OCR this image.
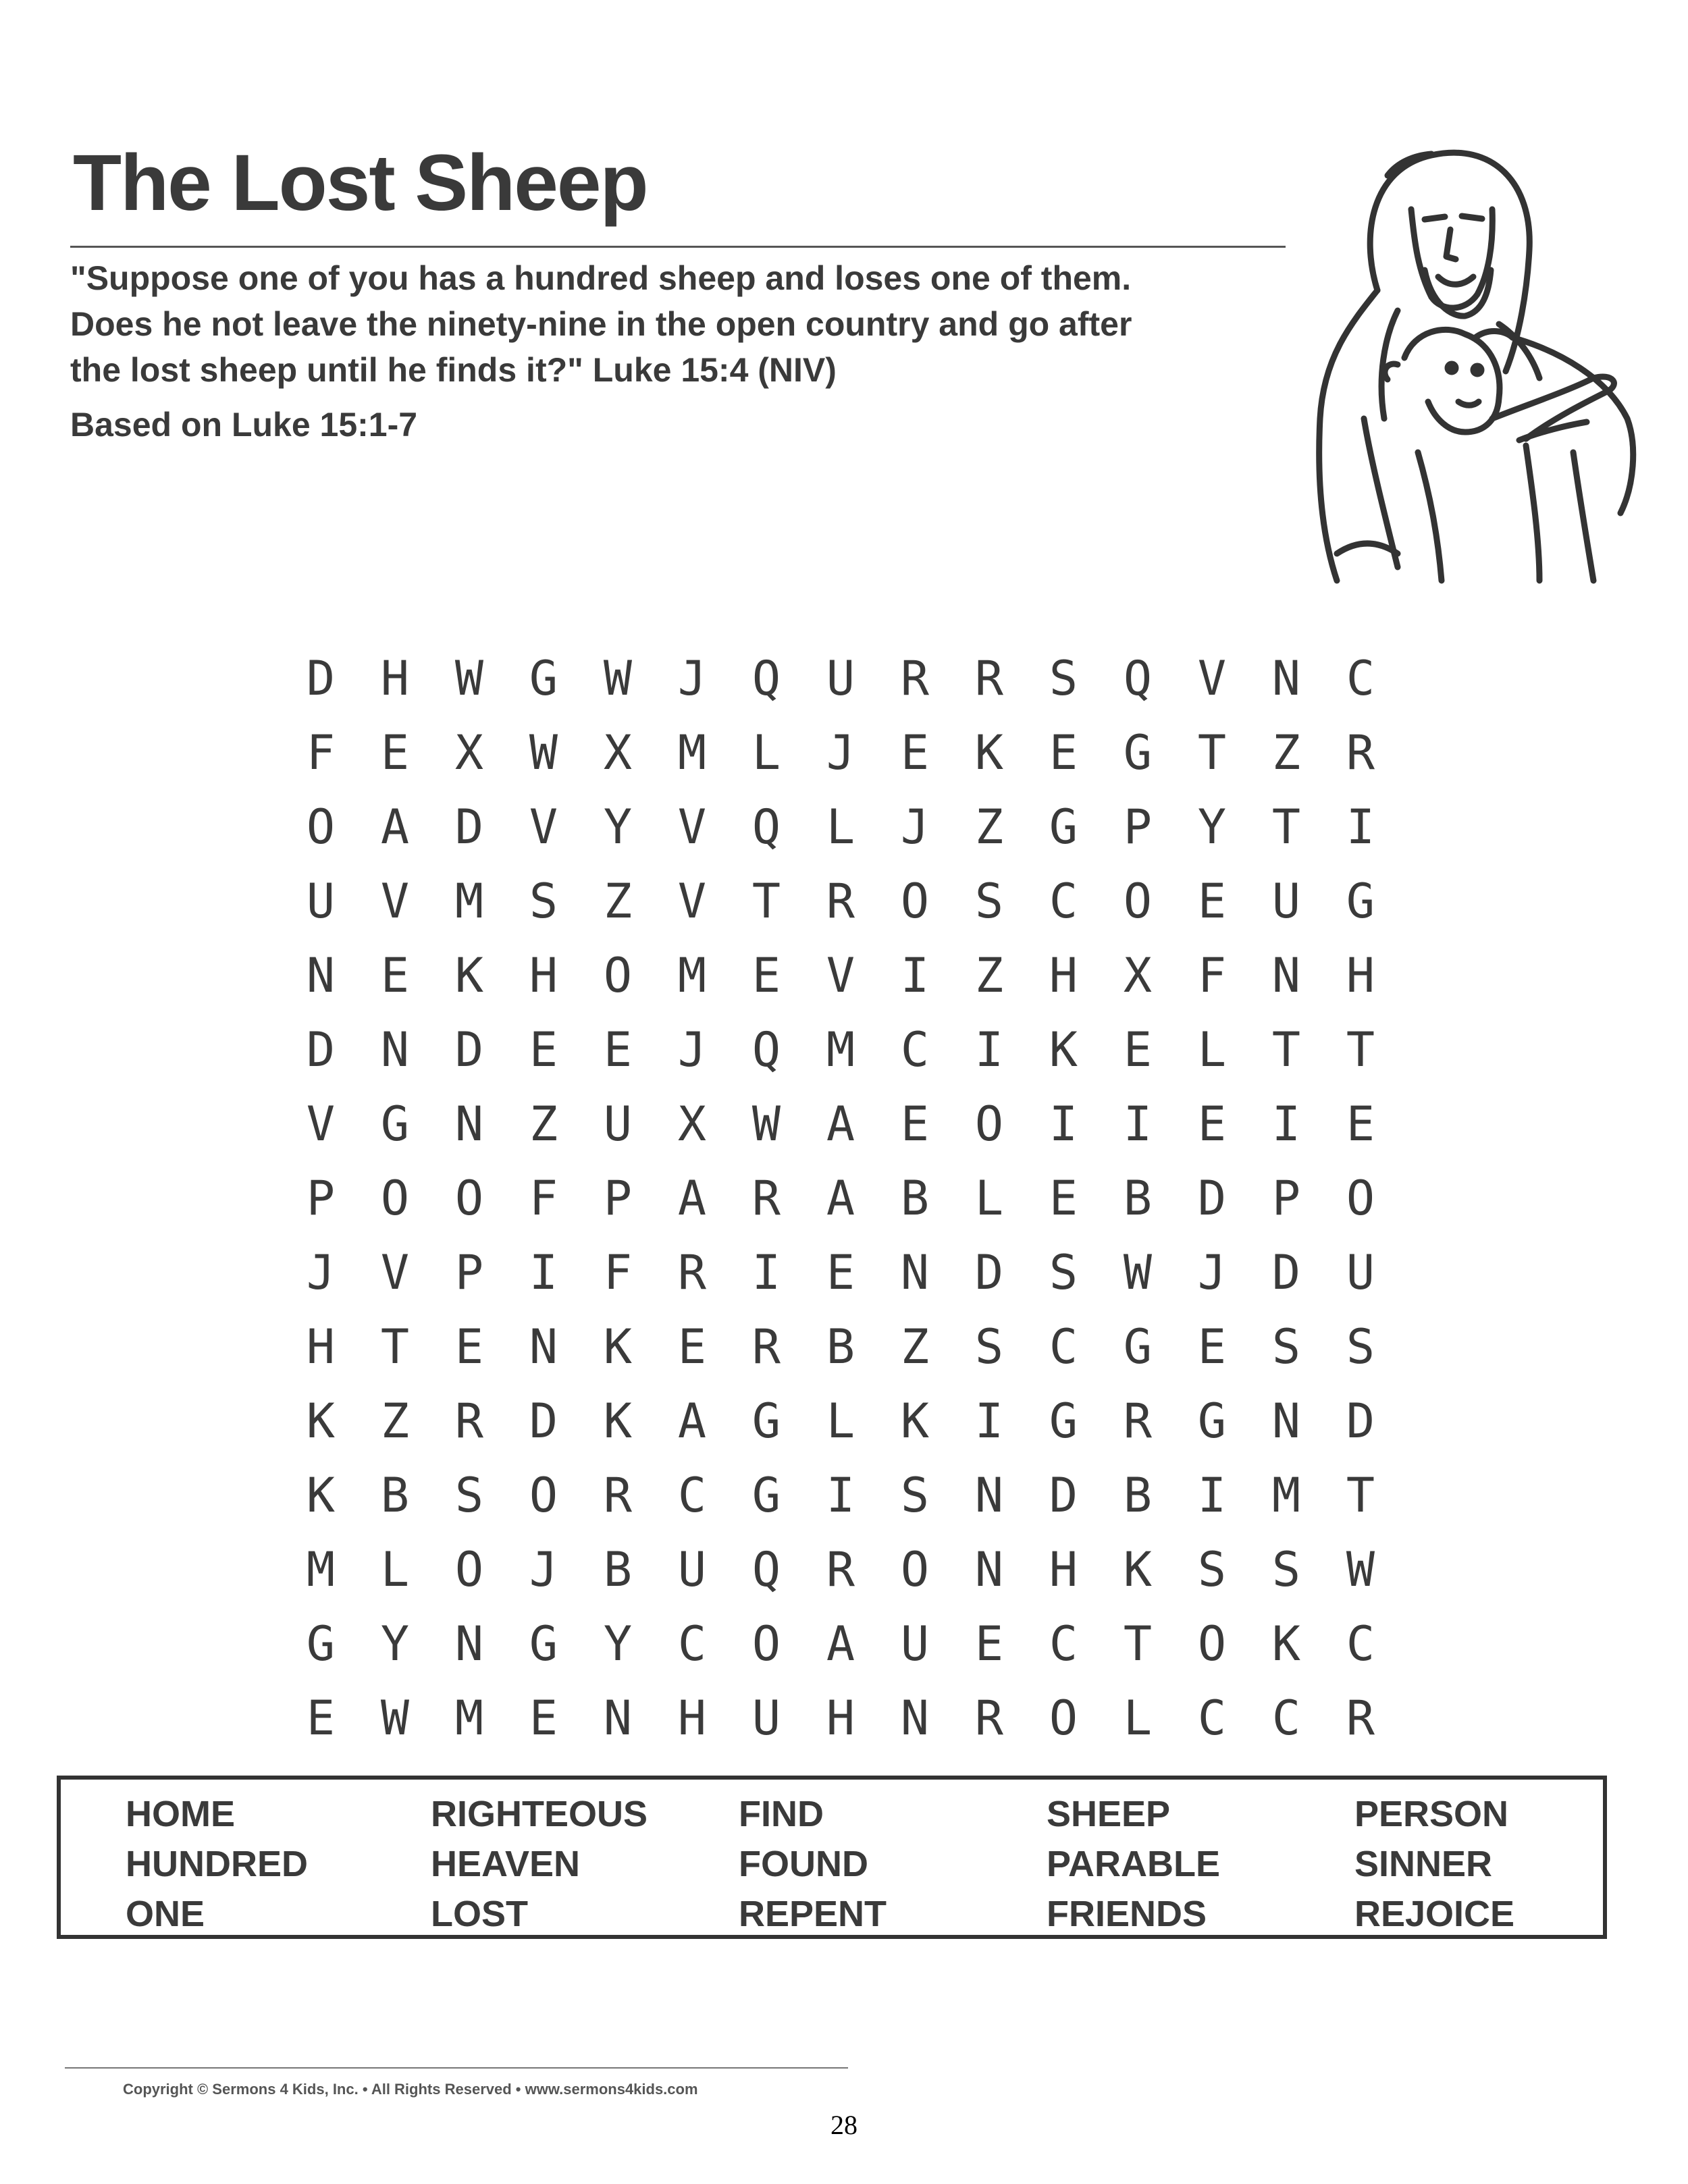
The Lost Sheep
"Suppose one of you has a hundred sheep and loses one of them.
Does he not leave the ninety-nine in the open country and go after
the lost sheep until he finds it?" Luke 15:4 (NIV)
Based on Luke 15:1-7
D H W G W J Q U R R S Q V N C
F E X W X M L J E K E G T Z R
O A D V Y V Q L J Z G P Y T I
U V M S Z V T R O S C O E U G
N E K H O M E V I Z H X F N H
D N D E E J Q M C I K E L T T
V G N Z U X W A E O I I E I E
P O O F P A R A B L E B D P O
J V P I F R I E N D S W J D U
H T E N K E R B Z S C G E S S
K Z R D K A G L K I G R G N D
K B S O R C G I S N D B I M T
M L O J B U Q R O N H K S S W
G Y N G Y C O A U E C T O K C
E W M E N H U H N R O L C C R
HOME
HUNDRED
ONE
RIGHTEOUS
HEAVEN
LOST
FIND
FOUND
REPENT
SHEEP
PARABLE
FRIENDS
PERSON
SINNER
REJOICE
Copyright © Sermons 4 Kids, Inc. • All Rights Reserved • www.sermons4kids.com
28
